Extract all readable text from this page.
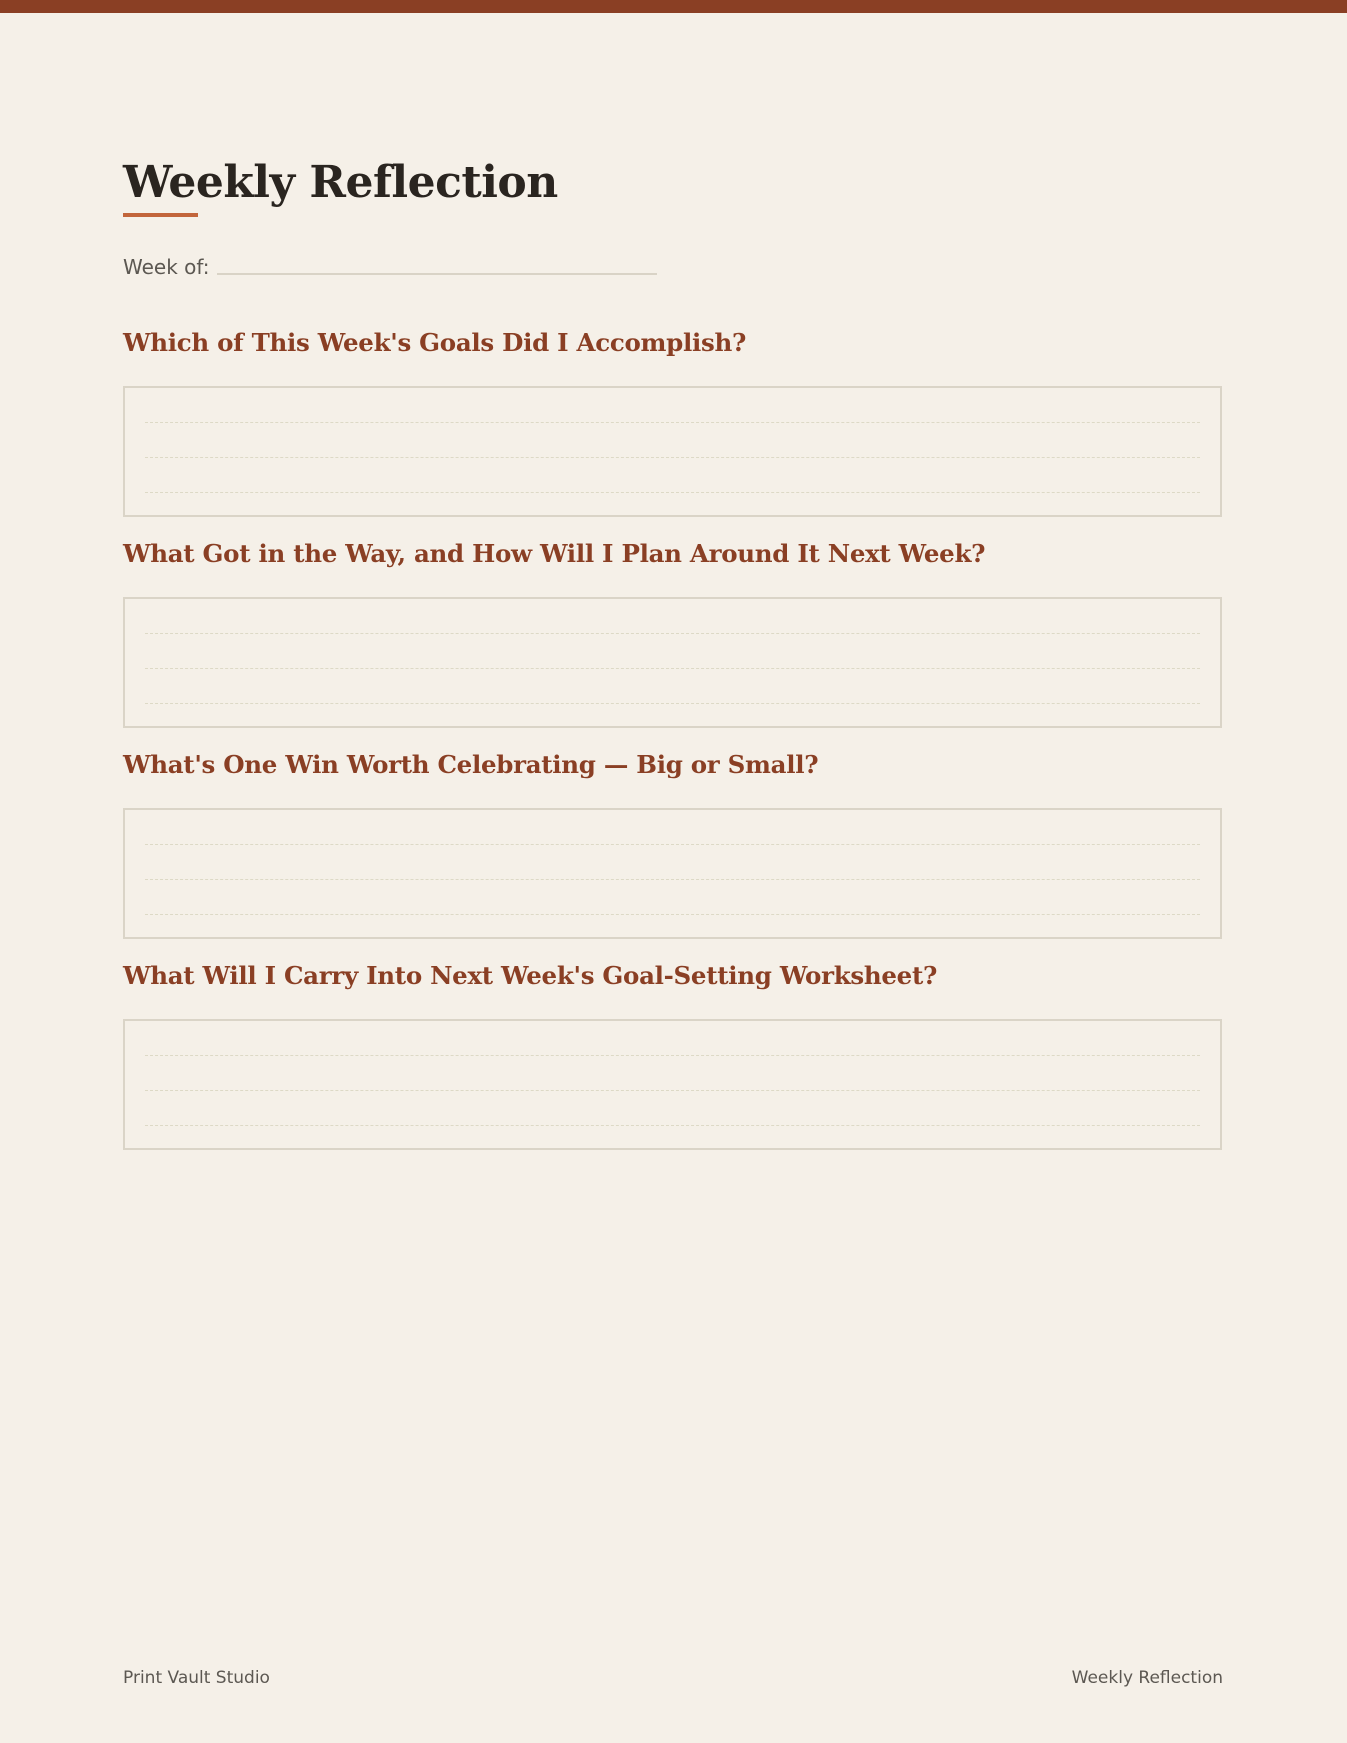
Weekly Reflection
Week of:
Which of This Week's Goals Did I Accomplish?
What Got in the Way, and How Will I Plan Around It Next Week?
What's One Win Worth Celebrating — Big or Small?
What Will I Carry Into Next Week's Goal-Setting Worksheet?
Print Vault Studio	Weekly Reflection
